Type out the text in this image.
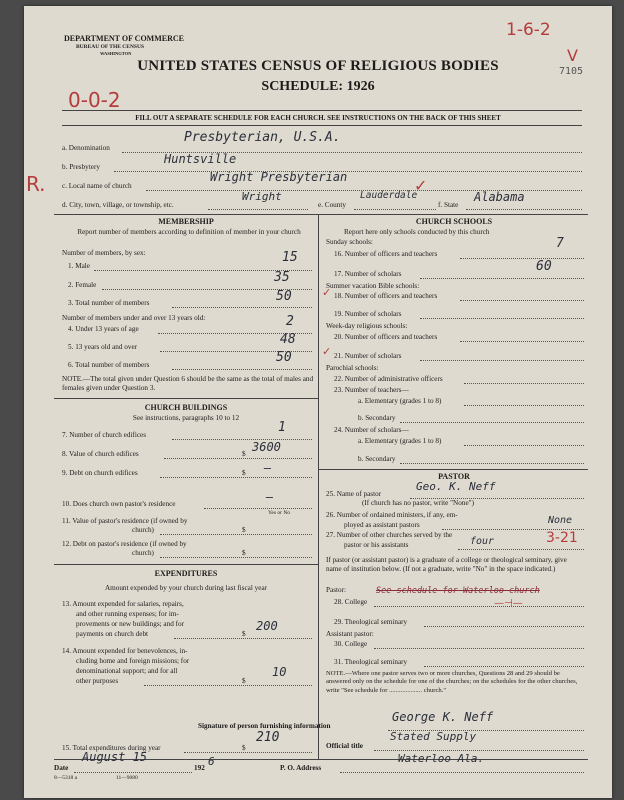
DEPARTMENT OF COMMERCE
BUREAU OF THE CENSUS
WASHINGTON
UNITED STATES CENSUS OF RELIGIOUS BODIES
SCHEDULE: 1926
FILL OUT A SEPARATE SCHEDULE FOR EACH CHURCH. SEE INSTRUCTIONS ON THE BACK OF THIS SHEET
0-0-2
1-6-2
V
7105
R.
a. Denomination
Presbyterian, U.S.A.
b. Presbytery
Huntsville
c. Local name of church
Wright Presbyterian
d. City, town, village, or township, etc.
Wright
e. County
Lauderdale
✓
f. State
Alabama
MEMBERSHIP
Report number of members according to definition of member in your church
Number of members, by sex:
1. Male
15
2. Female	35
3. Total number of members	50
Number of members under and over 13 years old:
4. Under 13 years of age	2
5. 13 years old and over	48
6. Total number of members	50
NOTE.—The total given under Question 6 should be the same as the total of males and females given under Question 3.
CHURCH BUILDINGS
See instructions, paragraphs 10 to 12
7. Number of church edifices	1
8. Value of church edifices	$ 3600
9. Debt on church edifices	$ —
10. Does church own pastor's residence	—
Yes or No
11. Value of pastor's residence (if owned by
church)	$
12. Debt on pastor's residence (if owned by
church)	$
EXPENDITURES
Amount expended by your church during last fiscal year
13. Amount expended for salaries, repairs,
and other running expenses; for im-
provements or new buildings; and for
payments on church debt	$
200
14. Amount expended for benevolences, in-
cluding home and foreign missions; for
denominational support; and for all
other purposes	$
10
15. Total expenditures during year	$
210
CHURCH SCHOOLS
Report here only schools conducted by this church
Sunday schools:
16. Number of officers and teachers
7
17. Number of scholars	60
Summer vacation Bible schools:
✓ 18. Number of officers and teachers
19. Number of scholars
Week-day religious schools:
20. Number of officers and teachers
✓ 21. Number of scholars
Parochial schools:
22. Number of administrative officers
23. Number of teachers—
a. Elementary (grades 1 to 8)
b. Secondary
24. Number of scholars—
a. Elementary (grades 1 to 8)
b. Secondary
PASTOR
25. Name of pastor
Geo. K. Neff
(If church has no pastor, write "None")
26. Number of ordained ministers, if any, em-
ployed as assistant pastors	None
27. Number of other churches served by the
pastor or his assistants	four	3-21
If pastor (or assistant pastor) is a graduate of a college or theological seminary, give name of institution below. (If not a graduate, write "No" in the space indicated.)
Pastor:
28. College
See schedule for Waterloo church
—⊣—
29. Theological seminary
Assistant pastor:
30. College
31. Theological seminary
NOTE.—Where one pastor serves two or more churches, Questions 28 and 29 should be answered only on the schedule for one of the churches; on the schedules for the other churches, write "See schedule for .................... church."
Signature of person furnishing information
George K. Neff
Official title
Stated Supply
Date
August 15
192 6	P. O. Address
Waterloo Ala.
8—5318 a	11—9080
